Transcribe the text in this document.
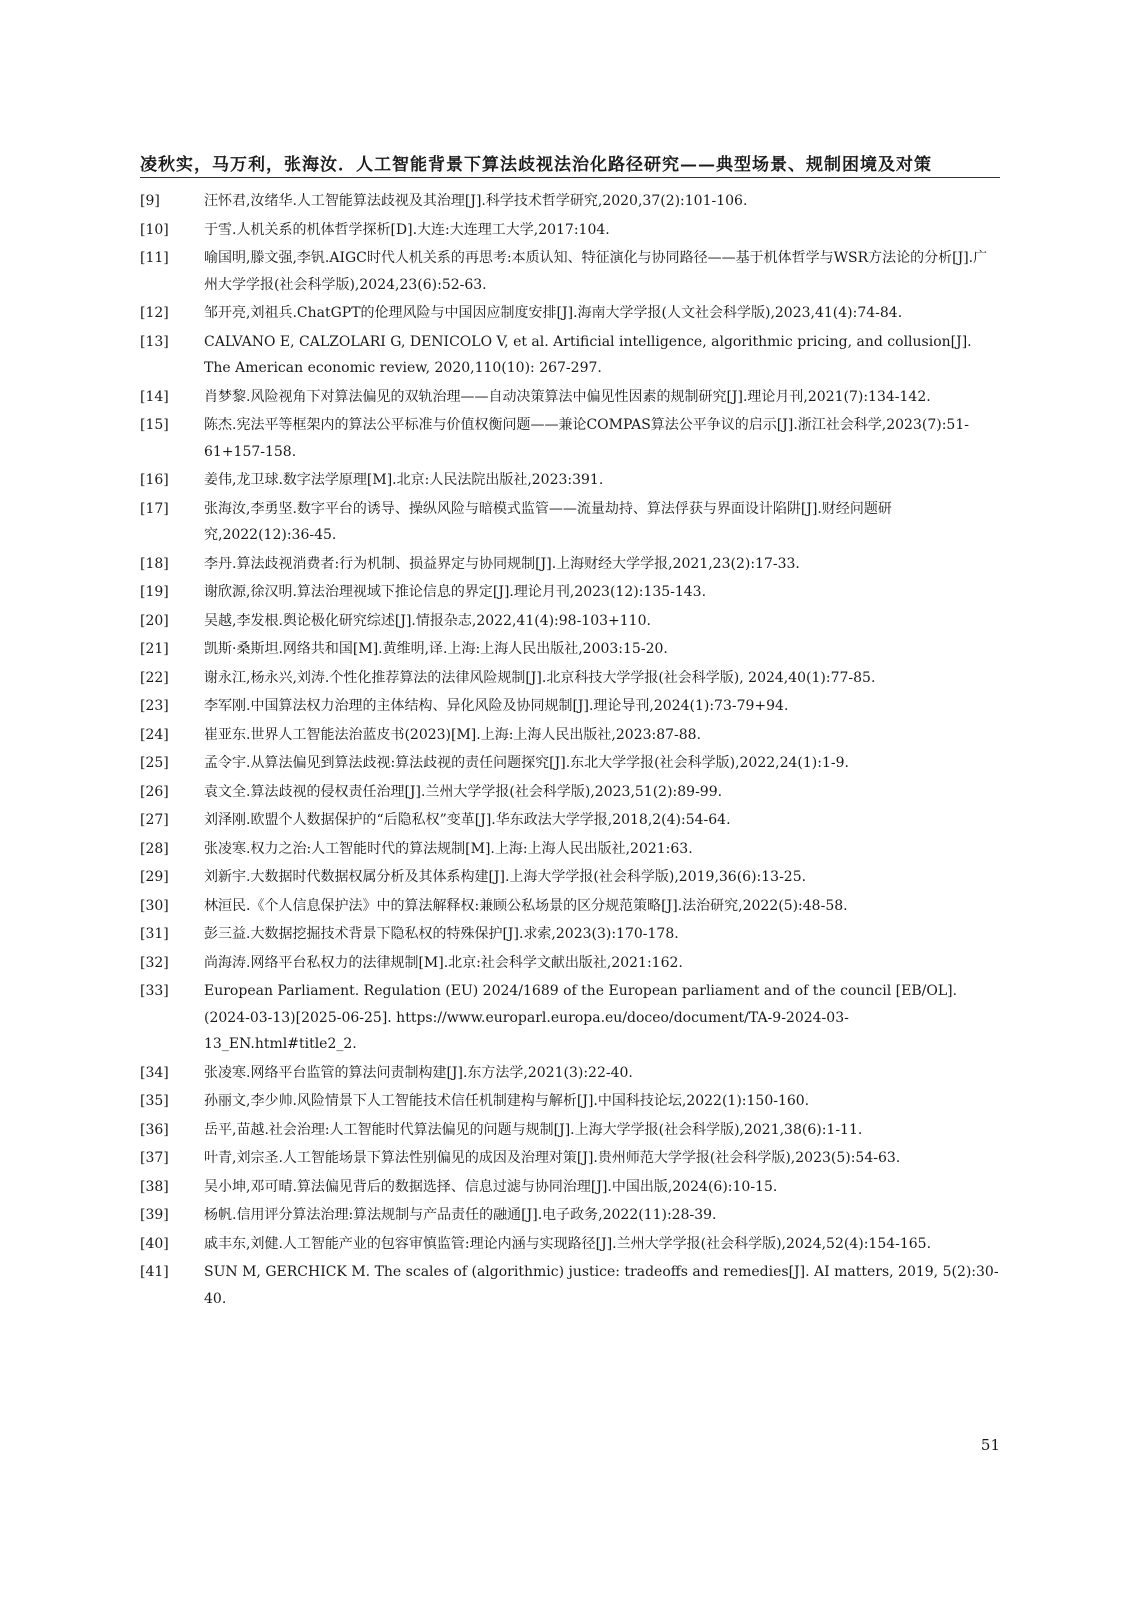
凌秋实，马万利，张海汝．人工智能背景下算法歧视法治化路径研究——典型场景、规制困境及对策
[9]	汪怀君,汝绪华.人工智能算法歧视及其治理[J].科学技术哲学研究,2020,37(2):101-106.
[10]	于雪.人机关系的机体哲学探析[D].大连:大连理工大学,2017:104.
[11]	喻国明,滕文强,李钒.AIGC时代人机关系的再思考:本质认知、特征演化与协同路径——基于机体哲学与WSR方法论的分析[J].广州大学学报(社会科学版),2024,23(6):52-63.
[12]	邹开亮,刘祖兵.ChatGPT的伦理风险与中国因应制度安排[J].海南大学学报(人文社会科学版),2023,41(4):74-84.
[13]	CALVANO E, CALZOLARI G, DENICOLO V, et al. Artificial intelligence, algorithmic pricing, and collusion[J]. The American economic review, 2020,110(10): 267-297.
[14]	肖梦黎.风险视角下对算法偏见的双轨治理——自动决策算法中偏见性因素的规制研究[J].理论月刊,2021(7):134-142.
[15]	陈杰.宪法平等框架内的算法公平标准与价值权衡问题——兼论COMPAS算法公平争议的启示[J].浙江社会科学,2023(7):51-61+157-158.
[16]	姜伟,龙卫球.数字法学原理[M].北京:人民法院出版社,2023:391.
[17]	张海汝,李勇坚.数字平台的诱导、操纵风险与暗模式监管——流量劫持、算法俘获与界面设计陷阱[J].财经问题研究,2022(12):36-45.
[18]	李丹.算法歧视消费者:行为机制、损益界定与协同规制[J].上海财经大学学报,2021,23(2):17-33.
[19]	谢欣源,徐汉明.算法治理视域下推论信息的界定[J].理论月刊,2023(12):135-143.
[20]	吴越,李发根.舆论极化研究综述[J].情报杂志,2022,41(4):98-103+110.
[21]	凯斯·桑斯坦.网络共和国[M].黄维明,译.上海:上海人民出版社,2003:15-20.
[22]	谢永江,杨永兴,刘涛.个性化推荐算法的法律风险规制[J].北京科技大学学报(社会科学版), 2024,40(1):77-85.
[23]	李军刚.中国算法权力治理的主体结构、异化风险及协同规制[J].理论导刊,2024(1):73-79+94.
[24]	崔亚东.世界人工智能法治蓝皮书(2023)[M].上海:上海人民出版社,2023:87-88.
[25]	孟令宇.从算法偏见到算法歧视:算法歧视的责任问题探究[J].东北大学学报(社会科学版),2022,24(1):1-9.
[26]	袁文全.算法歧视的侵权责任治理[J].兰州大学学报(社会科学版),2023,51(2):89-99.
[27]	刘泽刚.欧盟个人数据保护的“后隐私权”变革[J].华东政法大学学报,2018,2(4):54-64.
[28]	张凌寒.权力之治:人工智能时代的算法规制[M].上海:上海人民出版社,2021:63.
[29]	刘新宇.大数据时代数据权属分析及其体系构建[J].上海大学学报(社会科学版),2019,36(6):13-25.
[30]	林洹民.《个人信息保护法》中的算法解释权:兼顾公私场景的区分规范策略[J].法治研究,2022(5):48-58.
[31]	彭三益.大数据挖掘技术背景下隐私权的特殊保护[J].求索,2023(3):170-178.
[32]	尚海涛.网络平台私权力的法律规制[M].北京:社会科学文献出版社,2021:162.
[33]	European Parliament. Regulation (EU) 2024/1689 of the European parliament and of the council [EB/OL].(2024-03-13)[2025-06-25]. https://www.europarl.europa.eu/doceo/document/TA-9-2024-03-13_EN.html#title2_2.
[34]	张凌寒.网络平台监管的算法问责制构建[J].东方法学,2021(3):22-40.
[35]	孙丽文,李少帅.风险情景下人工智能技术信任机制建构与解析[J].中国科技论坛,2022(1):150-160.
[36]	岳平,苗越.社会治理:人工智能时代算法偏见的问题与规制[J].上海大学学报(社会科学版),2021,38(6):1-11.
[37]	叶青,刘宗圣.人工智能场景下算法性别偏见的成因及治理对策[J].贵州师范大学学报(社会科学版),2023(5):54-63.
[38]	吴小坤,邓可晴.算法偏见背后的数据选择、信息过滤与协同治理[J].中国出版,2024(6):10-15.
[39]	杨帆.信用评分算法治理:算法规制与产品责任的融通[J].电子政务,2022(11):28-39.
[40]	戚丰东,刘健.人工智能产业的包容审慎监管:理论内涵与实现路径[J].兰州大学学报(社会科学版),2024,52(4):154-165.
[41]	SUN M, GERCHICK M. The scales of (algorithmic) justice: tradeoffs and remedies[J]. AI matters, 2019, 5(2):30-40.
51
